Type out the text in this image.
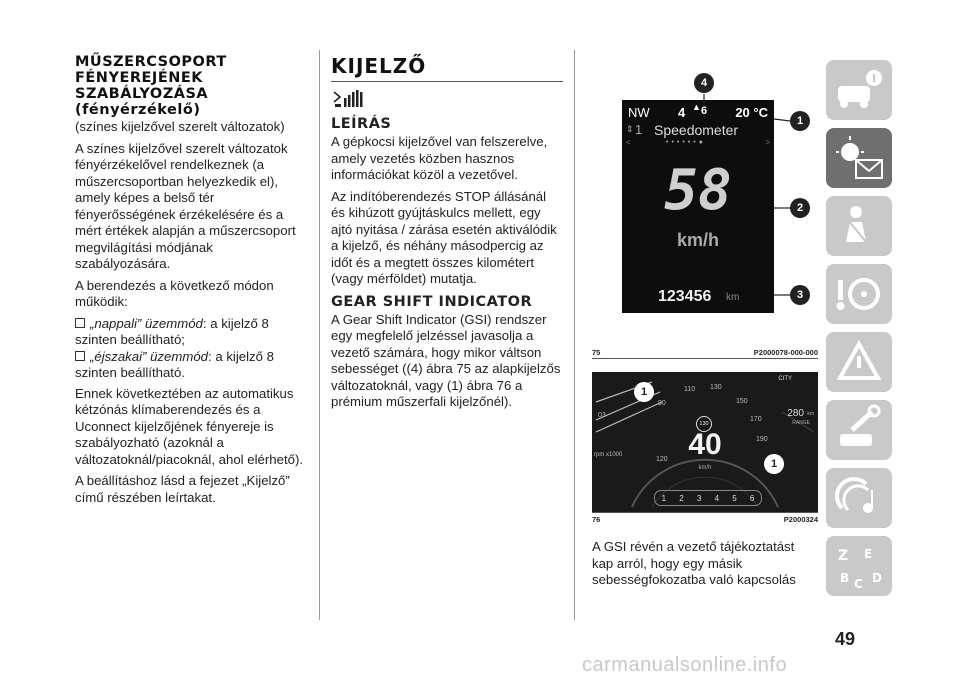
MŰSZERCSOPORT
FÉNYEREJÉNEK
SZABÁLYOZÁSA
(fényérzékelő)

(színes kijelzővel szerelt változatok)

A színes kijelzővel szerelt változatok fényérzékelővel rendelkeznek (a műszercsoportban helyezkedik el), amely képes a belső tér fényerősségének érzékelésére és a mért értékek alapján a műszercsoport megvilágítási módjának szabályozására.

A berendezés a következő módon működik:

„nappali” üzemmód: a kijelző 8 szinten beállítható;

„éjszakai” üzemmód: a kijelző 8 szinten beállítható.

Ennek következtében az automatikus kétzónás klímaberendezés és a Uconnect kijelzőjének fényereje is szabályozható (azoknál a változatoknál/piacoknál, ahol elérhető).

A beállításhoz lásd a fejezet „Kijelző” című részében leírtakat.

KIJELZŐ
LEÍRÁS

A gépkocsi kijelzővel van felszerelve, amely vezetés közben hasznos információkat közöl a vezetővel.

Az indítóberendezés STOP állásánál és kihúzott gyújtáskulcs mellett, egy ajtó nyitása / zárása esetén aktiválódik a kijelző, és néhány másodpercig az időt és a megtett összes kilométert (vagy mérföldet) mutatja.

GEAR SHIFT INDICATOR

A Gear Shift Indicator (GSI) rendszer egy megfelelő jelzéssel javasolja a vezető számára, hogy mikor váltson sebességet ((4) ábra 75 az alapkijelzős változatoknál, vagy (1) ábra 76 a prémium műszerfali kijelzőnél).

NW 4 ▲ 6 20 °C
⇕ 1 Speedometer
<	>
••••••●
58
km/h
123456 km
4
1
2
3
75	P2000078-000-000
1
1
03
rpm x1000
90
110 130
150
170
190
120
130
40
km/h
CITY
280 km
RANGE
1 2 3 4 5 6
76	P2000324

A GSI révén a vezető tájékoztatást kap arról, hogy egy másik sebességfokozatba való kapcsolás

Z E
B C D
49
carmanualsonline.info
